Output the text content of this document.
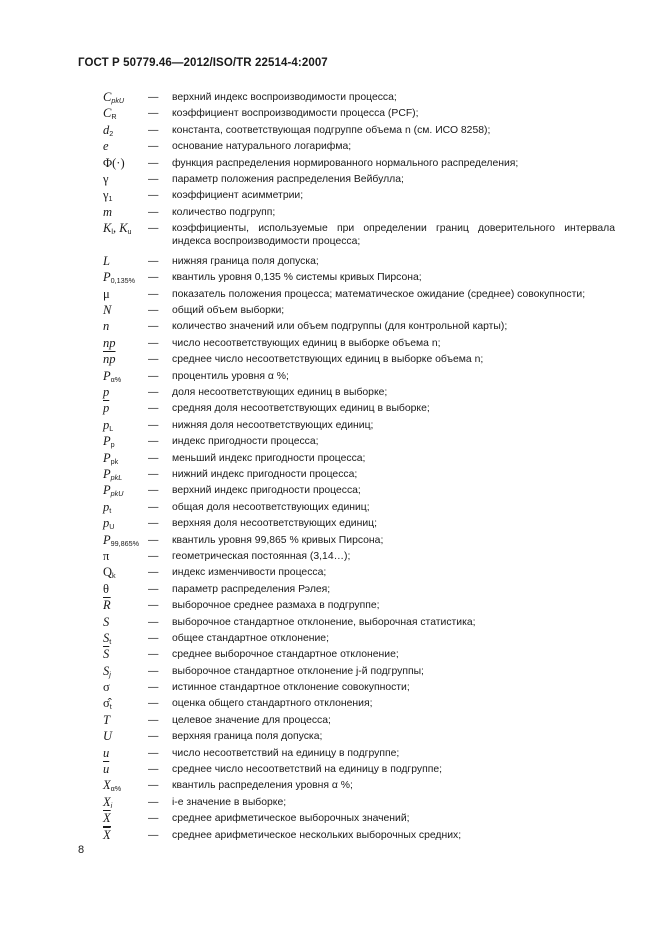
ГОСТ Р 50779.46—2012/ISO/TR 22514-4:2007
$C_{pkU}$	—	верхний индекс воспроизводимости процесса;
$C_R$	—	коэффициент воспроизводимости процесса (PCF);
$d_2$	—	константа, соответствующая подгруппе объема n (см. ИСО 8258);
e	—	основание натурального логарифма;
Φ(·)	—	функция распределения нормированного нормального распределения;
γ	—	параметр положения распределения Вейбулла;
$\gamma_1$	—	коэффициент асимметрии;
m	—	количество подгрупп;
$K_l$, $K_u$	—	коэффициенты, используемые при определении границ доверительного интервала индекса воспроизводимости процесса;
L	—	нижняя граница поля допуска;
$P_{0,135\%}$	—	квантиль уровня 0,135 % системы кривых Пирсона;
μ	—	показатель положения процесса; математическое ожидание (среднее) совокупности;
N	—	общий объем выборки;
n	—	количество значений или объем подгруппы (для контрольной карты);
np	—	число несоответствующих единиц в выборке объема n;
$\overline{np}$	—	среднее число несоответствующих единиц в выборке объема n;
$P_{\alpha\%}$	—	процентиль уровня α %;
p	—	доля несоответствующих единиц в выборке;
$\overline{p}$	—	средняя доля несоответствующих единиц в выборке;
$p_L$	—	нижняя доля несоответствующих единиц;
$P_p$	—	индекс пригодности процесса;
$P_{pk}$	—	меньший индекс пригодности процесса;
$P_{pkL}$	—	нижний индекс пригодности процесса;
$P_{pkU}$	—	верхний индекс пригодности процесса;
$p_t$	—	общая доля несоответствующих единиц;
$p_U$	—	верхняя доля несоответствующих единиц;
$P_{99,865\%}$ —	квантиль уровня 99,865 % кривых Пирсона;
π	—	геометрическая постоянная (3,14…);
$Q_k$	—	индекс изменчивости процесса;
θ	—	параметр распределения Рэлея;
$\overline{R}$	—	выборочное среднее размаха в подгруппе;
S	—	выборочное стандартное отклонение, выборочная статистика;
$S_t$	—	общее стандартное отклонение;
$\overline{S}$	—	среднее выборочное стандартное отклонение;
$S_j$	—	выборочное стандартное отклонение j-й подгруппы;
σ	—	истинное стандартное отклонение совокупности;
$\sigmâ_t$	—	оценка общего стандартного отклонения;
T	—	целевое значение для процесса;
U	—	верхняя граница поля допуска;
u	—	число несоответствий на единицу в подгруппе;
$\overline{u}$	—	среднее число несоответствий на единицу в подгруппе;
$X_{\alpha\%}$	—	квантиль распределения уровня α %;
$X_i$	—	i-е значение в выборке;
$\overline{X}$	—	среднее арифметическое выборочных значений;
$\overline{X}$	—	среднее арифметическое нескольких выборочных средних;
8
